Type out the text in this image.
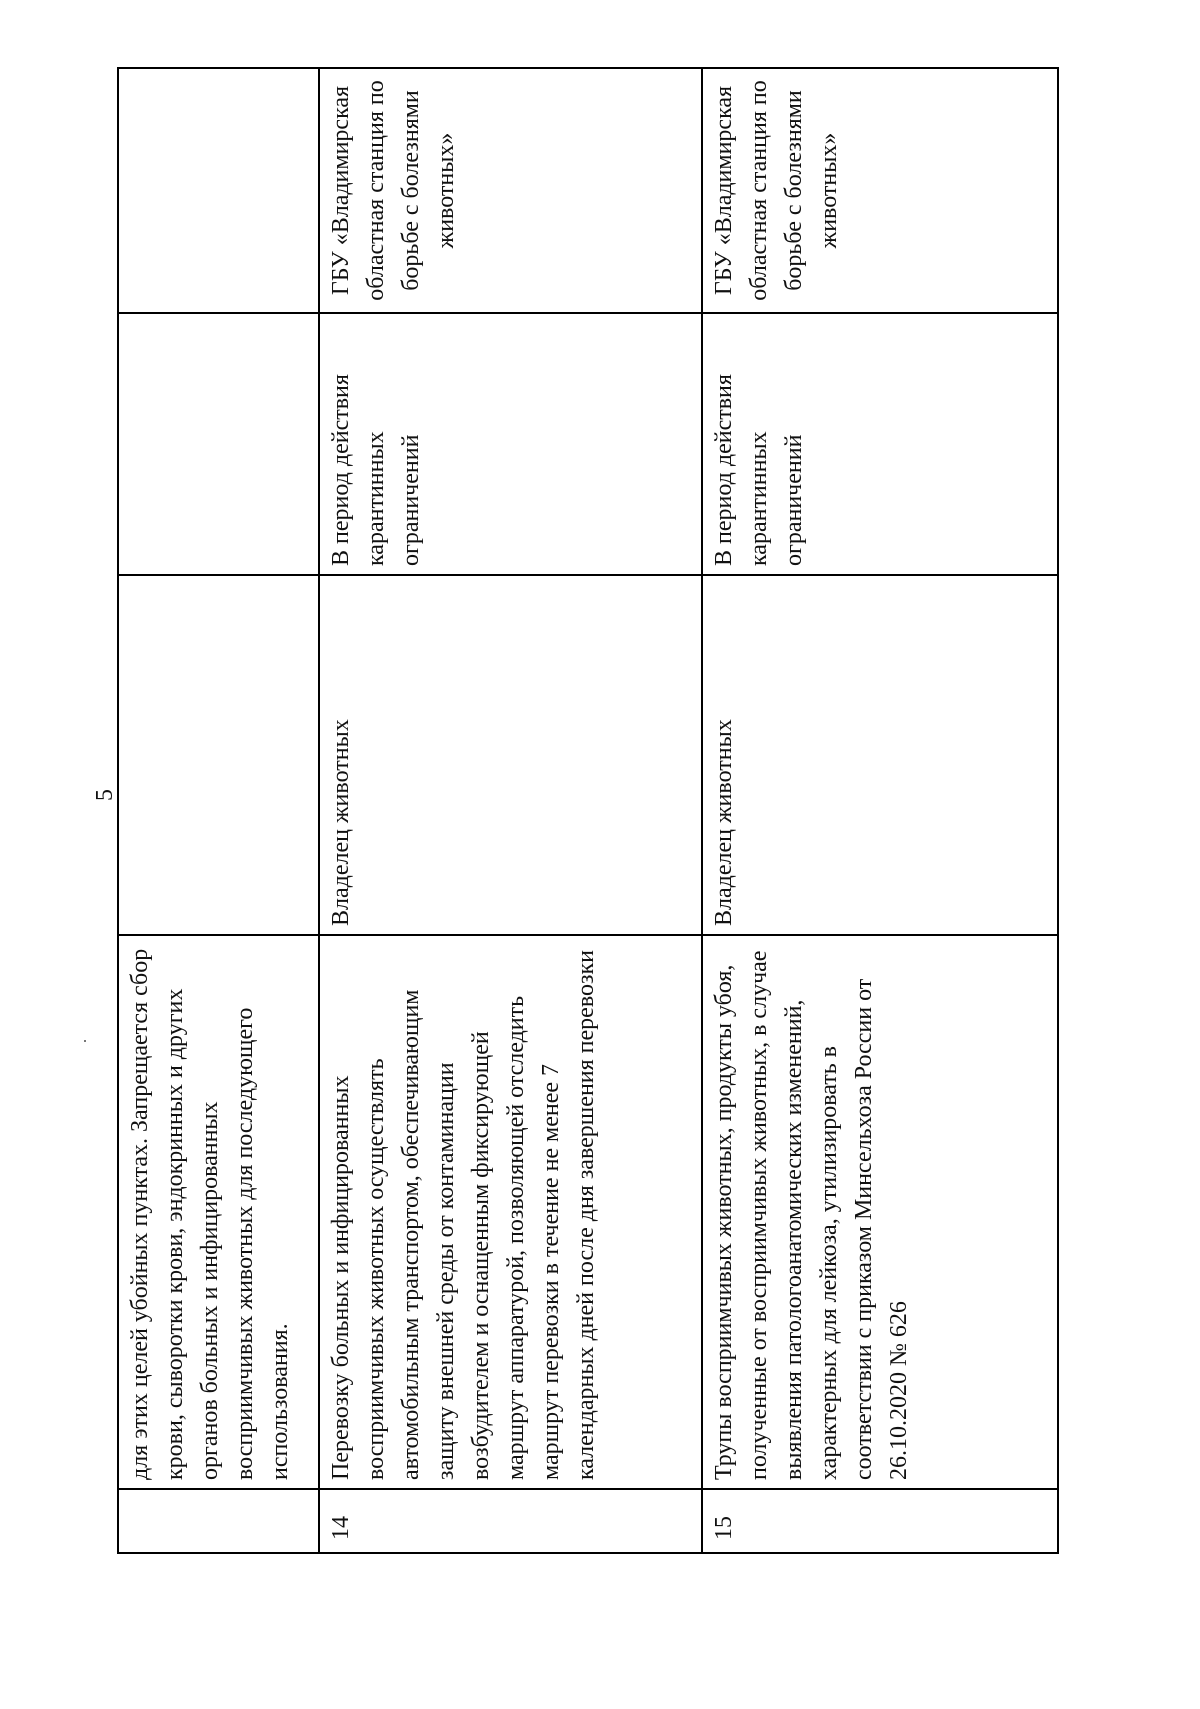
5
	для этих целей убойных пунктах. Запрещается сбор крови, сыворотки крови, эндокринных и других органов больных и инфицированных восприимчивых животных для последующего использования.			
14	Перевозку больных и инфицированных восприимчивых животных осуществлять автомобильным транспортом, обеспечивающим защиту внешней среды от контаминации возбудителем и оснащенным фиксирующей маршрут аппаратурой, позволяющей отследить маршрут перевозки в течение не менее 7 календарных дней после дня завершения перевозки	Владелец животных	В период действия карантинных ограничений	ГБУ «Владимирская областная станция по борьбе с болезнями животных»
15	Трупы восприимчивых животных, продукты убоя, полученные от восприимчивых животных, в случае выявления патологоанатомических изменений, характерных для лейкоза, утилизировать в соответствии с приказом Минсельхоза России от 26.10.2020 № 626	Владелец животных	В период действия карантинных ограничений	ГБУ «Владимирская областная станция по борьбе с болезнями животных»
